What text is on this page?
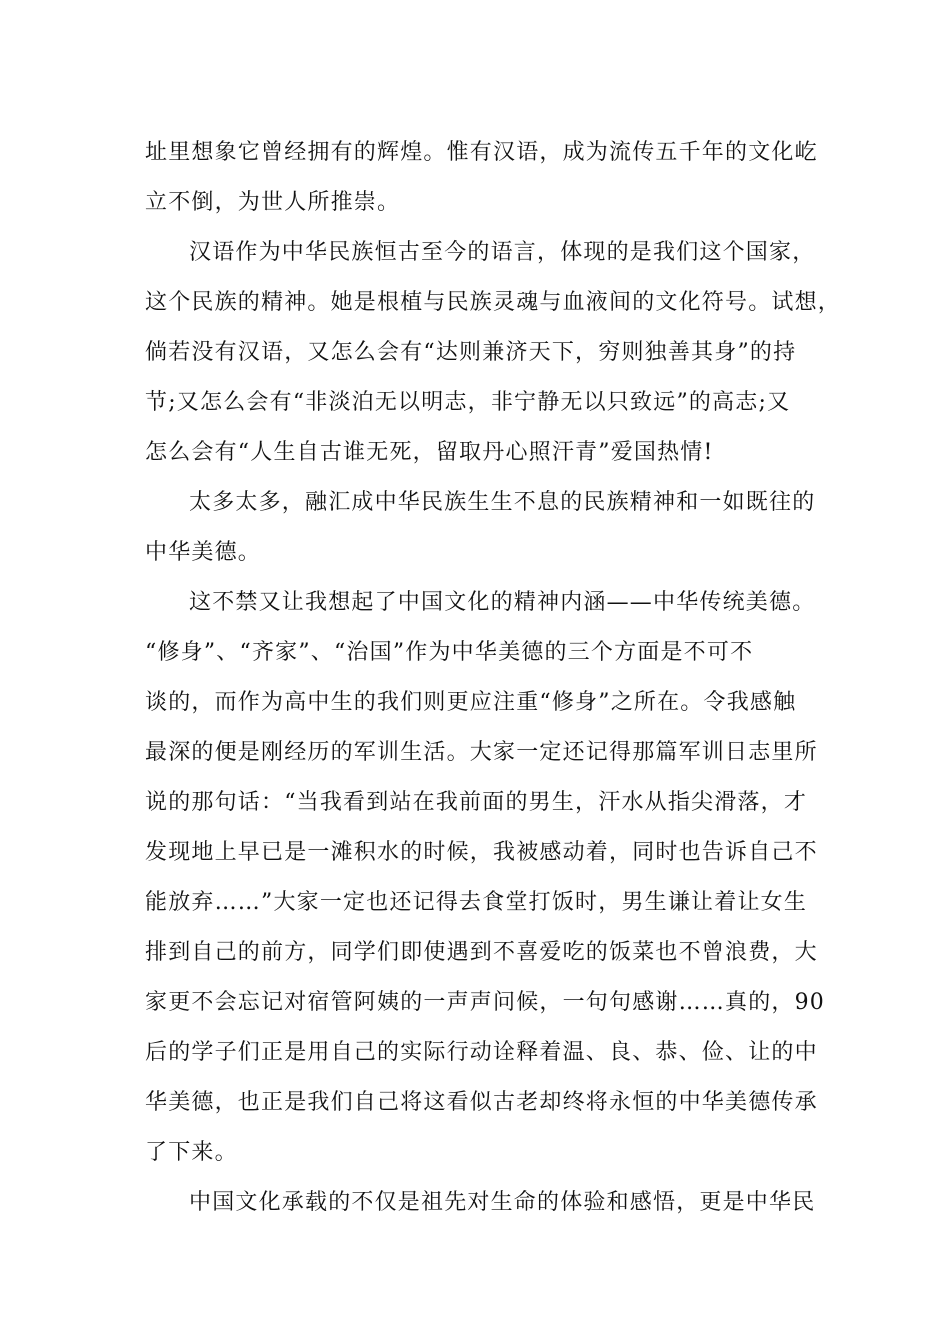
址里想象它曾经拥有的辉煌。惟有汉语，成为流传五千年的文化屹
立不倒，为世人所推崇。
汉语作为中华民族恒古至今的语言，体现的是我们这个国家，
这个民族的精神。她是根植与民族灵魂与血液间的文化符号。试想，
倘若没有汉语，又怎么会有“达则兼济天下，穷则独善其身”的持
节;又怎么会有“非淡泊无以明志，非宁静无以只致远”的高志;又
怎么会有“人生自古谁无死，留取丹心照汗青”爱国热情!
太多太多，融汇成中华民族生生不息的民族精神和一如既往的
中华美德。
这不禁又让我想起了中国文化的精神内涵——中华传统美德。
“修身”、“齐家”、“治国”作为中华美德的三个方面是不可不
谈的，而作为高中生的我们则更应注重“修身”之所在。令我感触
最深的便是刚经历的军训生活。大家一定还记得那篇军训日志里所
说的那句话：“当我看到站在我前面的男生，汗水从指尖滑落，才
发现地上早已是一滩积水的时候，我被感动着，同时也告诉自己不
能放弃……”大家一定也还记得去食堂打饭时，男生谦让着让女生
排到自己的前方，同学们即使遇到不喜爱吃的饭菜也不曾浪费，大
家更不会忘记对宿管阿姨的一声声问候，一句句感谢……真的，90
后的学子们正是用自己的实际行动诠释着温、良、恭、俭、让的中
华美德，也正是我们自己将这看似古老却终将永恒的中华美德传承
了下来。
中国文化承载的不仅是祖先对生命的体验和感悟，更是中华民
